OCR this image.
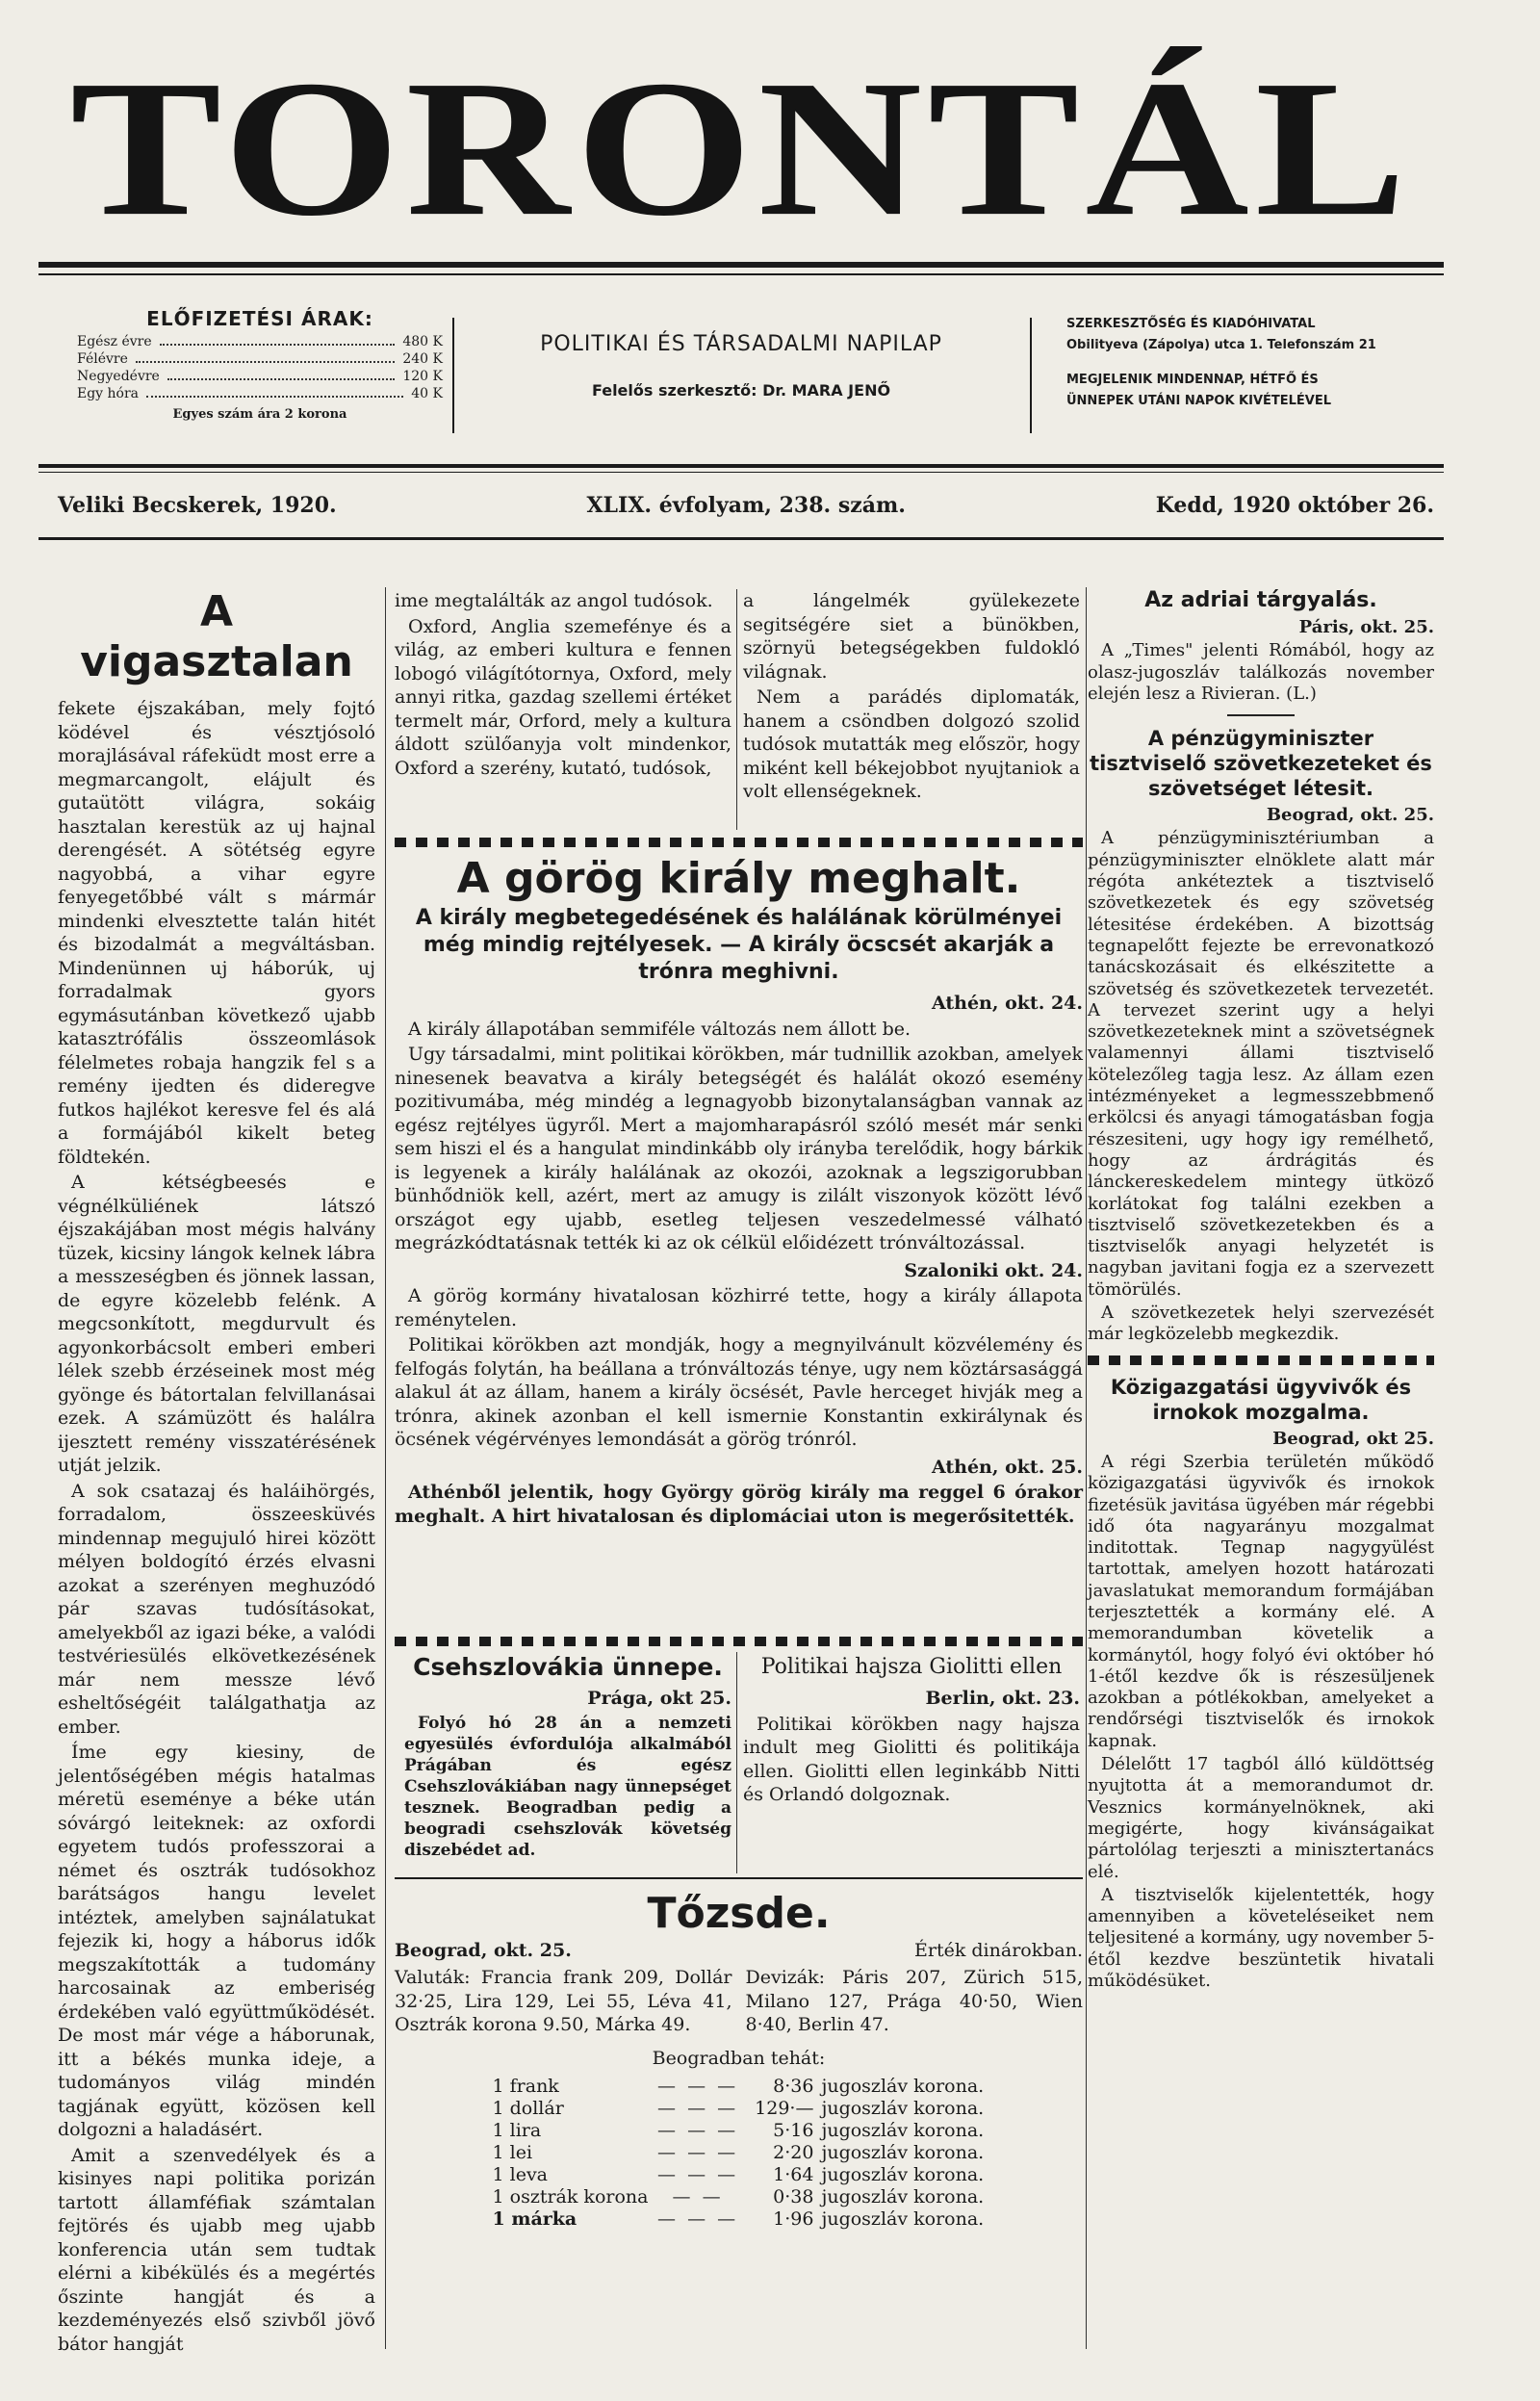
TORONTÁL
ELŐFIZETÉSI ÁRAK:
Egész évre	480 K
Félévre	240 K
Negyedévre	120 K
Egy hóra	40 K
Egyes szám ára 2 korona
POLITIKAI ÉS TÁRSADALMI NAPILAP
Felelős szerkesztő: Dr. MARA JENŐ

SZERKESZTŐSÉG ÉS KIADÓHIVATAL

Obilityeva (Zápolya) utca 1. Telefonszám 21

MEGJELENIK MINDENNAP, HÉTFŐ ÉS

ÜNNEPEK UTÁNI NAPOK KIVÉTELÉVEL

Veliki Becskerek, 1920.	XLIX. évfolyam, 238. szám.	Kedd, 1920 október 26.
A vigasztalan

fekete éjszakában, mely fojtó ködével és vésztjósoló morajlásával ráfeküdt most erre a megmarcangolt, elájult és gutaütött világra, sokáig hasztalan kerestük az uj hajnal derengését. A sötétség egyre nagyobbá, a vihar egyre fenyegetőbbé vált s mármár mindenki elvesztette talán hitét és bizodalmát a megváltásban. Mindenünnen uj háborúk, uj forradalmak gyors egymásutánban következő ujabb katasztrófális összeomlások félelmetes robaja hangzik fel s a remény ijedten és dideregve futkos hajlékot keresve fel és alá a formájából kikelt beteg földtekén.

A kétségbeesés e végnélküliének látszó éjszakájában most mégis halvány tüzek, kicsiny lángok kelnek lábra a messzeségben és jönnek lassan, de egyre közelebb felénk. A megcsonkított, megdurvult és agyonkorbácsolt emberi emberi lélek szebb érzéseinek most még gyönge és bátortalan felvillanásai ezek. A számüzött és halálra ijesztett remény visszatérésének utját jelzik.

A sok csatazaj és haláihörgés, forradalom, összeesküvés mindennap megujuló hirei között mélyen boldogító érzés elvasni azokat a szerényen meghuzódó pár szavas tudósításokat, amelyekből az igazi béke, a valódi testvériesülés elkövetkezésének már nem messze lévő esheltőségéit találgathatja az ember.

Íme egy kiesiny, de jelentőségében mégis hatalmas méretü eseménye a béke után sóvárgó leiteknek: az oxfordi egyetem tudós professzorai a német és osztrák tudósokhoz barátságos hangu levelet intéztek, amelyben sajnálatukat fejezik ki, hogy a háborus idők megszakították a tudomány harcosainak az emberiség érdekében való együttműködését. De most már vége a háborunak, itt a békés munka ideje, a tudományos világ mindén tagjának együtt, közösen kell dolgozni a haladásért.

Amit a szenvedélyek és a kisinyes napi politika porizán tartott államféfiak számtalan fejtörés és ujabb meg ujabb konferencia után sem tudtak elérni a kibékülés és a megértés őszinte hangját és a kezdeményezés első szivből jövő bátor hangját

ime megtalálták az angol tudósok.

Oxford, Anglia szemefénye és a világ, az emberi kultura e fennen lobogó világítótornya, Oxford, mely annyi ritka, gazdag szellemi értéket termelt már, Orford, mely a kultura áldott szülőanyja volt mindenkor, Oxford a szerény, kutató, tudósok,

a lángelmék gyülekezete segitségére siet a bünökben, szörnyü betegségekben fuldokló világnak.

Nem a parádés diplomaták, hanem a csöndben dolgozó szolid tudósok mutatták meg először, hogy miként kell békejobbot nyujtaniok a volt ellenségeknek.

A görög király meghalt.
A király megbetegedésének és halálának körülményei még mindig rejtélyesek. — A király öcscsét akarják a trónra meghivni.
Athén, okt. 24.

A király állapotában semmiféle változás nem állott be.

Ugy társadalmi, mint politikai körökben, már tudnillik azokban, amelyek ninesenek beavatva a király betegségét és halálát okozó esemény pozitivumába, még mindég a legnagyobb bizonytalanságban vannak az egész rejtélyes ügyről. Mert a majomharapásról szóló mesét már senki sem hiszi el és a hangulat mindinkább oly irányba terelődik, hogy bárkik is legyenek a király halálának az okozói, azoknak a legszigorubban bünhődniök kell, azért, mert az amugy is zilált viszonyok között lévő országot egy ujabb, esetleg teljesen veszedelmessé válható megrázkódtatásnak tették ki az ok célkül előidézett trónváltozással.

Szaloniki okt. 24.

A görög kormány hivatalosan közhirré tette, hogy a király állapota reménytelen.

Politikai körökben azt mondják, hogy a megnyilvánult közvélemény és felfogás folytán, ha beállana a trónváltozás ténye, ugy nem köztársasággá alakul át az állam, hanem a király öcsését, Pavle herceget hivják meg a trónra, akinek azonban el kell ismernie Konstantin exkirálynak és öcsének végérvényes lemondását a görög trónról.

Athén, okt. 25.

Athénből jelentik, hogy György görög király ma reggel 6 órakor meghalt. A hirt hivatalosan és diplomáciai uton is megerősitették.

Csehszlovákia ünnepe.
Prága, okt 25.

Folyó hó 28 án a nemzeti egyesülés évfordulója alkalmából Prágában és egész Csehszlovákiában nagy ünnepséget tesznek. Beogradban pedig a beogradi csehszlovák követség diszebédet ad.

Politikai hajsza Giolitti ellen
Berlin, okt. 23.

Politikai körökben nagy hajsza indult meg Giolitti és politikája ellen. Giolitti ellen leginkább Nitti és Orlandó dolgoznak.

Tőzsde.
Beograd, okt. 25.	Érték dinárokban.

Valuták: Francia frank 209, Dollár 32·25, Lira 129, Lei 55, Léva 41, Osztrák korona 9.50, Márka 49.

Devizák: Páris 207, Zürich 515, Milano 127, Prága 40·50, Wien 8·40, Berlin 47.

Beogradban tehát:
1 frank	— — —	8·36	jugoszláv korona.
1 dollár	— — —	129·—	jugoszláv korona.
1 lira	— — —	5·16	jugoszláv korona.
1 lei	— — —	2·20	jugoszláv korona.
1 leva	— — —	1·64	jugoszláv korona.
1 osztrák korona	— —	0·38	jugoszláv korona.
1 márka	— — —	1·96	jugoszláv korona.
Az adriai tárgyalás.
Páris, okt. 25.

A „Times" jelenti Rómából, hogy az olasz-jugoszláv találkozás november elején lesz a Rivieran. (L.)

A pénzügyminiszter tisztviselő szövetkezeteket és szövetséget létesit.
Beograd, okt. 25.

A pénzügyminisztériumban a pénzügyminiszter elnöklete alatt már régóta ankéteztek a tisztviselő szövetkezetek és egy szövetség létesitése érdekében. A bizottság tegnapelőtt fejezte be errevonatkozó tanácskozásait és elkészitette a szövetség és szövetkezetek tervezetét. A tervezet szerint ugy a helyi szövetkezeteknek mint a szövetségnek valamennyi állami tisztviselő kötelezőleg tagja lesz. Az állam ezen intézményeket a legmesszebbmenő erkölcsi és anyagi támogatásban fogja részesiteni, ugy hogy igy remélhető, hogy az árdrágitás és lánckereskedelem mintegy ütköző korlátokat fog találni ezekben a tisztviselő szövetkezetekben és a tisztviselők anyagi helyzetét is nagyban javitani fogja ez a szervezett tömörülés.

A szövetkezetek helyi szervezését már legközelebb megkezdik.

Közigazgatási ügyvivők és irnokok mozgalma.
Beograd, okt 25.

A régi Szerbia területén működő közigazgatási ügyvivők és irnokok fizetésük javitása ügyében már régebbi idő óta nagyarányu mozgalmat inditottak. Tegnap nagygyülést tartottak, amelyen hozott határozati javaslatukat memorandum formájában terjesztették a kormány elé. A memorandumban követelik a kormánytól, hogy folyó évi október hó 1-étől kezdve ők is részesüljenek azokban a pótlékokban, amelyeket a rendőrségi tisztviselők és irnokok kapnak.

Délelőtt 17 tagból álló küldöttség nyujtotta át a memorandumot dr. Vesznics kormányelnöknek, aki megigérte, hogy kivánságaikat pártolólag terjeszti a minisztertanács elé.

A tisztviselők kijelentették, hogy amennyiben a követeléseiket nem teljesitené a kormány, ugy november 5-étől kezdve beszüntetik hivatali működésüket.
